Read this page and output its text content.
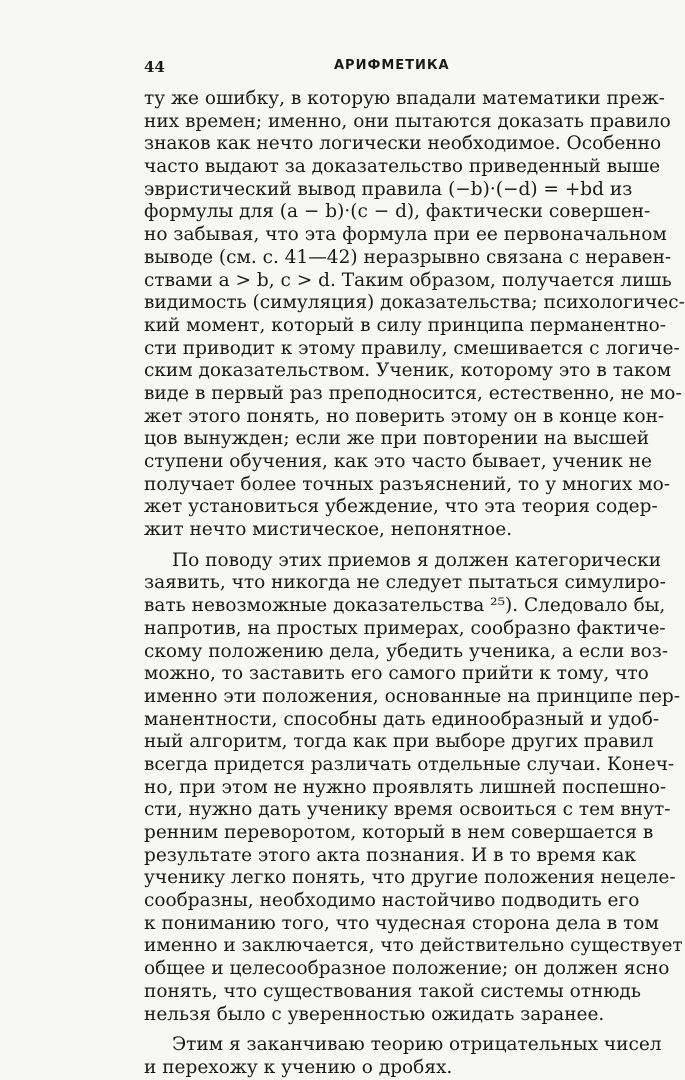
44	АРИФМЕТИКА
ту же ошибку, в которую впадали математики преж-
них времен; именно, они пытаются доказать правило
знаков как нечто логически необходимое. Особенно
часто выдают за доказательство приведенный выше
эвристический вывод правила (−b)·(−d) = +bd из
формулы для (a − b)·(c − d), фактически совершен-
но забывая, что эта формула при ее первоначальном
выводе (см. с. 41—42) неразрывно связана с нерaвен-
ствами a > b, c > d. Таким образом, получается лишь
видимость (симуляция) доказательства; психологичес-
кий момент, который в силу принципа перманентно-
сти приводит к этому правилу, смешивается с логиче-
ским доказательством. Ученик, которому это в таком
виде в первый раз преподносится, естественно, не мо-
жет этого понять, но поверить этому он в конце кон-
цов вынужден; если же при повторении на высшей
ступени обучения, как это часто бывает, ученик не
получает более точных разъяснений, то у многих мо-
жет установиться убеждение, что эта теория содер-
жит нечто мистическое, непонятное.
По поводу этих приемов я должен категорически
заявить, что никогда не следует пытаться симулиро-
вать невозможные доказательства ²⁵). Следовало бы,
напротив, на простых примерах, сообразно фактиче-
скому положению дела, убедить ученика, а если воз-
можно, то заставить его самого прийти к тому, что
именно эти положения, основанные на принципе пер-
манентности, способны дать единообразный и удоб-
ный алгоритм, тогда как при выборе других правил
всегда придется различать отдельные случаи. Конеч-
но, при этом не нужно проявлять лишней поспешно-
сти, нужно дать ученику время освоиться с тем внут-
ренним переворотом, который в нем совершается в
результате этого акта познания. И в то время как
ученику легко понять, что другие положения нецеле-
сообразны, необходимо настойчиво подводить его
к пониманию того, что чудесная сторона дела в том
именно и заключается, что действительно существует
общее и целесообразное положение; он должен ясно
понять, что существования такой системы отнюдь
нельзя было с уверенностью ожидать заранее.
Этим я заканчиваю теорию отрицательных чисел
и перехожу к учению о дробях.
